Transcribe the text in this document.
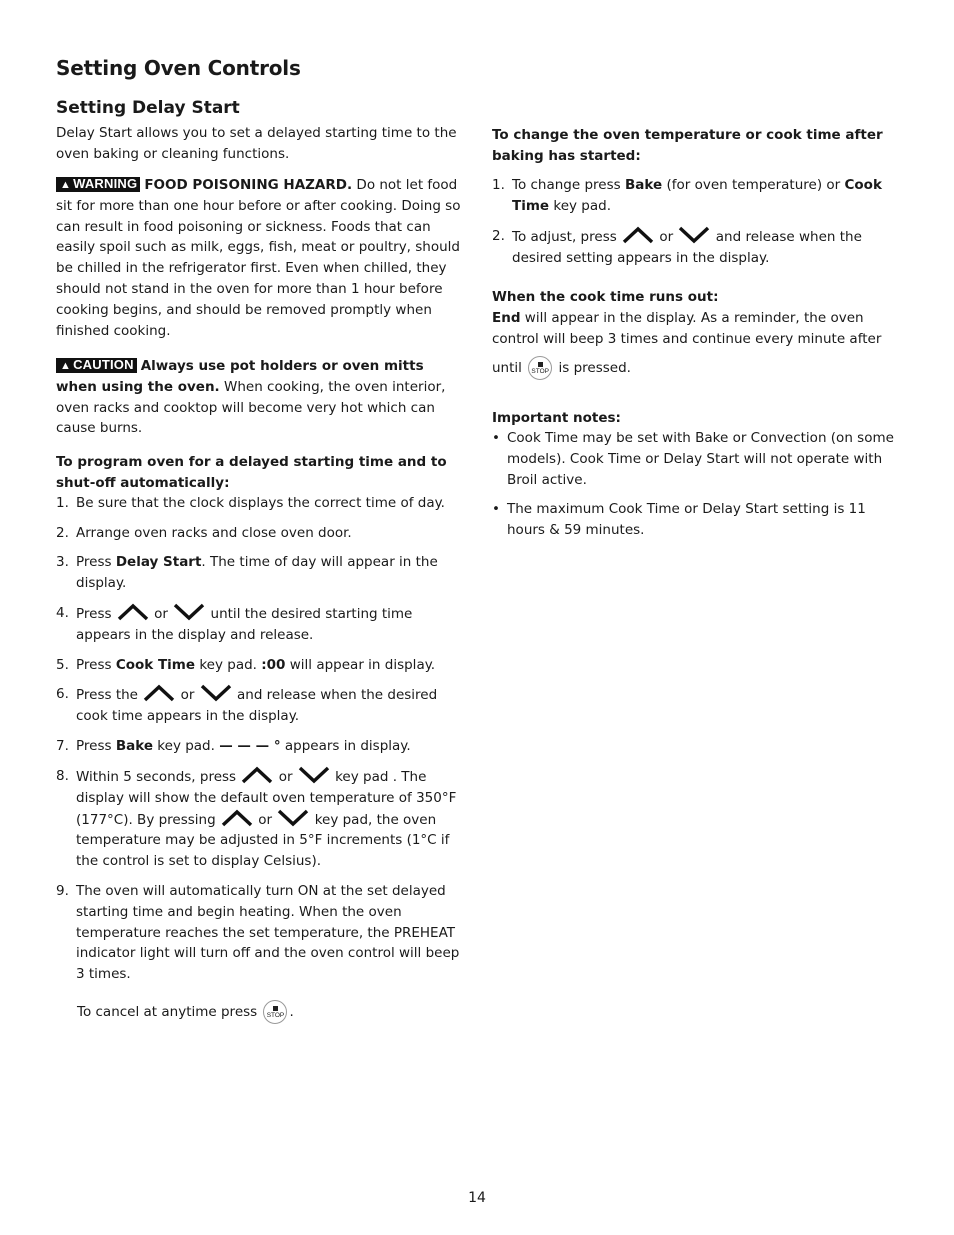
Setting Oven Controls
Setting Delay Start

Delay Start allows you to set a delayed starting time to the oven baking or cleaning functions.

▲ WARNING FOOD POISONING HAZARD. Do not let food sit for more than one hour before or after cooking. Doing so can result in food poisoning or sickness. Foods that can easily spoil such as milk, eggs, fish, meat or poultry, should be chilled in the refrigerator first. Even when chilled, they should not stand in the oven for more than 1 hour before cooking begins, and should be removed promptly when finished cooking.

▲ CAUTION Always use pot holders or oven mitts when using the oven. When cooking, the oven interior, oven racks and cooktop will become very hot which can cause burns.

To program oven for a delayed starting time and to shut-off automatically:

1. Be sure that the clock displays the correct time of day.

2. Arrange oven racks and close oven door.

3. Press Delay Start. The time of day will appear in the display.

4. Press	or	until the desired starting time appears in the display and release.

5. Press Cook Time key pad. :00 will appear in display.

6. Press the	or	and release when the desired cook time appears in the display.

7. Press Bake key pad. — — — ° appears in display.

8. Within 5 seconds, press	or	key pad . The display will show the default oven temperature of 350°F (177°C). By pressing	or	key pad, the oven temperature may be adjusted in 5°F increments (1°C if the control is set to display Celsius).

9. The oven will automatically turn ON at the set delayed starting time and begin heating. When the oven temperature reaches the set temperature, the PREHEAT indicator light will turn off and the oven control will beep 3 times.

To cancel at anytime press	STOP .

To change the oven temperature or cook time after baking has started:

1. To change press Bake (for oven temperature) or Cook Time key pad.

2. To adjust, press	or	and release when the desired setting appears in the display.

When the cook time runs out:

End will appear in the display. As a reminder, the oven control will beep 3 times and continue every minute after

until	STOP is pressed.

Important notes:

• Cook Time may be set with Bake or Convection (on some models). Cook Time or Delay Start will not operate with Broil active.
• The maximum Cook Time or Delay Start setting is 11 hours & 59 minutes.
14
